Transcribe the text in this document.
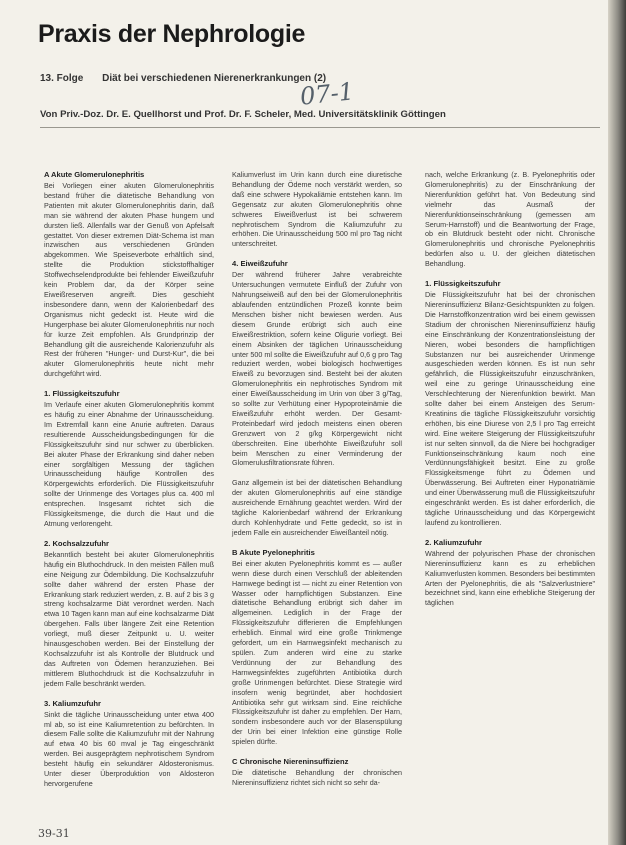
Praxis der Nephrologie
13. Folge Diät bei verschiedenen Nierenerkrankungen (2)
07-1
Von Priv.-Doz. Dr. E. Quellhorst und Prof. Dr. F. Scheler, Med. Universitätsklinik Göttingen
A Akute Glomerulonephritis

Bei Vorliegen einer akuten Glomerulonephritis bestand früher die diätetische Behandlung von Patienten mit akuter Glomerulonephritis darin, daß man sie während der akuten Phase hungern und dursten ließ. Allenfalls war der Genuß von Apfelsaft gestattet. Von dieser extremen Diät-Schema ist man inzwischen aus verschiedenen Gründen abgekommen. Wie Speiseverbote erhältlich sind, stellte die Produktion stickstoffhaltiger Stoffwechselendprodukte bei fehlender Eiweißzufuhr kein Problem dar, da der Körper seine Eiweißreserven angreift. Dies geschieht insbesondere dann, wenn der Kalorienbedarf des Organismus nicht gedeckt ist. Heute wird die Hungerphase bei akuter Glomerulonephritis nur noch für kurze Zeit empfohlen. Als Grundprinzip der Behandlung gilt die ausreichende Kalorienzufuhr als Rest der früheren "Hunger- und Durst-Kur", die bei akuter Glomerulonephritis heute nicht mehr durchgeführt wird.

1. Flüssigkeitszufuhr

Im Verlaufe einer akuten Glomerulonephritis kommt es häufig zu einer Abnahme der Urinausscheidung. Im Extremfall kann eine Anurie auftreten. Daraus resultierende Ausscheidungsbedingungen für die Flüssigkeitszufuhr sind nur schwer zu überblicken. Bei akuter Phase der Erkrankung sind daher neben einer sorgfältigen Messung der täglichen Urinausscheidung häufige Kontrollen des Körpergewichts erforderlich. Die Flüssigkeitszufuhr sollte der Urinmenge des Vortages plus ca. 400 ml entsprechen. Insgesamt richtet sich die Flüssigkeitsmenge, die durch die Haut und die Atmung verlorengeht.

2. Kochsalzzufuhr

Bekanntlich besteht bei akuter Glomerulonephritis häufig ein Bluthochdruck. In den meisten Fällen muß eine Neigung zur Ödembildung. Die Kochsalzzufuhr sollte daher während der ersten Phase der Erkrankung stark reduziert werden, z. B. auf 2 bis 3 g streng kochsalzarme Diät verordnet werden. Nach etwa 10 Tagen kann man auf eine kochsalzarme Diät übergehen. Falls über längere Zeit eine Retention vorliegt, muß dieser Zeitpunkt u. U. weiter hinausgeschoben werden. Bei der Einstellung der Kochsalzzufuhr ist als Kontrolle der Blutdruck und das Auftreten von Ödemen heranzuziehen. Bei mittlerem Bluthochdruck ist die Kochsalzzufuhr in jedem Falle beschränkt werden.

3. Kaliumzufuhr

Sinkt die tägliche Urinausscheidung unter etwa 400 ml ab, so ist eine Kaliumretention zu befürchten. In diesem Falle sollte die Kaliumzufuhr mit der Nahrung auf etwa 40 bis 60 mval je Tag eingeschränkt werden. Bei ausgeprägtem nephrotischem Syndrom besteht häufig ein sekundärer Aldosteronismus. Unter dieser Überproduktion von Aldosteron hervorgerufene

Kaliumverlust im Urin kann durch eine diuretische Behandlung der Ödeme noch verstärkt werden, so daß eine schwere Hypokaliämie entstehen kann. Im Gegensatz zur akuten Glomerulonephritis ohne schweres Eiweißverlust ist bei schwerem nephrotischem Syndrom die Kaliumzufuhr zu erhöhen. Die Urinausscheidung 500 ml pro Tag nicht unterschreitet.

4. Eiweißzufuhr

Der während früherer Jahre verabreichte Untersuchungen vermutete Einfluß der Zufuhr von Nahrungseiweiß auf den bei der Glomerulonephritis ablaufenden entzündlichen Prozeß konnte beim Menschen bisher nicht bewiesen werden. Aus diesem Grunde erübrigt sich auch eine Eiweißrestriktion, sofern keine Oligurie vorliegt. Bei einem Absinken der täglichen Urinausscheidung unter 500 ml sollte die Eiweißzufuhr auf 0,6 g pro Tag reduziert werden, wobei biologisch hochwertiges Eiweiß zu bevorzugen sind. Besteht bei der akuten Glomerulonephritis ein nephrotisches Syndrom mit einer Eiweißausscheidung im Urin von über 3 g/Tag, so sollte zur Verhütung einer Hypoproteinämie die Eiweißzufuhr erhöht werden. Der Gesamt-Proteinbedarf wird jedoch meistens einen oberen Grenzwert von 2 g/kg Körpergewicht nicht überschreiten. Eine überhöhte Eiweißzufuhr soll beim Menschen zu einer Verminderung der Glomerulusfiltrationsrate führen.

Ganz allgemein ist bei der diätetischen Behandlung der akuten Glomerulonephritis auf eine ständige ausreichende Ernährung geachtet werden. Wird der tägliche Kalorienbedarf während der Erkrankung durch Kohlenhydrate und Fette gedeckt, so ist in jedem Falle ein ausreichender Eiweißanteil nötig.

B Akute Pyelonephritis

Bei einer akuten Pyelonephritis kommt es — außer wenn diese durch einen Verschluß der ableitenden Harnwege bedingt ist — nicht zu einer Retention von Wasser oder harnpflichtigen Substanzen. Eine diätetische Behandlung erübrigt sich daher im allgemeinen. Lediglich in der Frage der Flüssigkeitszufuhr differieren die Empfehlungen erheblich. Einmal wird eine große Trinkmenge gefordert, um ein Harnwegsinfekt mechanisch zu spülen. Zum anderen wird eine zu starke Verdünnung der zur Behandlung des Harnwegsinfektes zugeführten Antibiotika durch große Urinmengen befürchtet. Diese Strategie wird insofern wenig begründet, aber hochdosiert Antibiotika sehr gut wirksam sind. Eine reichliche Flüssigkeitszufuhr ist daher zu empfehlen. Der Harn, sondern insbesondere auch vor der Blasenspülung der Urin bei einer Infektion eine günstige Rolle spielen dürfte.

C Chronische Niereninsuffizienz

Die diätetische Behandlung der chronischen Niereninsuffizienz richtet sich nicht so sehr da-

nach, welche Erkrankung (z. B. Pyelonephritis oder Glomerulonephritis) zu der Einschränkung der Nierenfunktion geführt hat. Von Bedeutung sind vielmehr das Ausmaß der Nierenfunktionseinschränkung (gemessen am Serum-Harnstoff) und die Beantwortung der Frage, ob ein Blutdruck besteht oder nicht. Chronische Glomerulonephritis und chronische Pyelonephritis bedürfen also u. U. der gleichen diätetischen Behandlung.

1. Flüssigkeitszufuhr

Die Flüssigkeitszufuhr hat bei der chronischen Niereninsuffizienz Bilanz-Gesichtspunkten zu folgen. Die Harnstoffkonzentration wird bei einem gewissen Stadium der chronischen Niereninsuffizienz häufig eine Einschränkung der Konzentrationsleistung der Nieren, wobei besonders die harnpflichtigen Substanzen nur bei ausreichender Urinmenge ausgeschieden werden können. Es ist nun sehr gefährlich, die Flüssigkeitszufuhr einzuschränken, weil eine zu geringe Urinausscheidung eine Verschlechterung der Nierenfunktion bewirkt. Man sollte daher bei einem Ansteigen des Serum-Kreatinins die tägliche Flüssigkeitszufuhr vorsichtig erhöhen, bis eine Diurese von 2,5 l pro Tag erreicht wird. Eine weitere Steigerung der Flüssigkeitszufuhr ist nur selten sinnvoll, da die Niere bei hochgradiger Funktionseinschränkung kaum noch eine Verdünnungsfähigkeit besitzt. Eine zu große Flüssigkeitsmenge führt zu Ödemen und Überwässerung. Bei Auftreten einer Hyponatriämie und einer Überwässerung muß die Flüssigkeitszufuhr eingeschränkt werden. Es ist daher erforderlich, die tägliche Urinausscheidung und das Körpergewicht laufend zu kontrollieren.

2. Kaliumzufuhr

Während der polyurischen Phase der chronischen Niereninsuffizienz kann es zu erheblichen Kaliumverlusten kommen. Besonders bei bestimmten Arten der Pyelonephritis, die als "Salzverlustniere" bezeichnet sind, kann eine erhebliche Steigerung der täglichen

39-31
